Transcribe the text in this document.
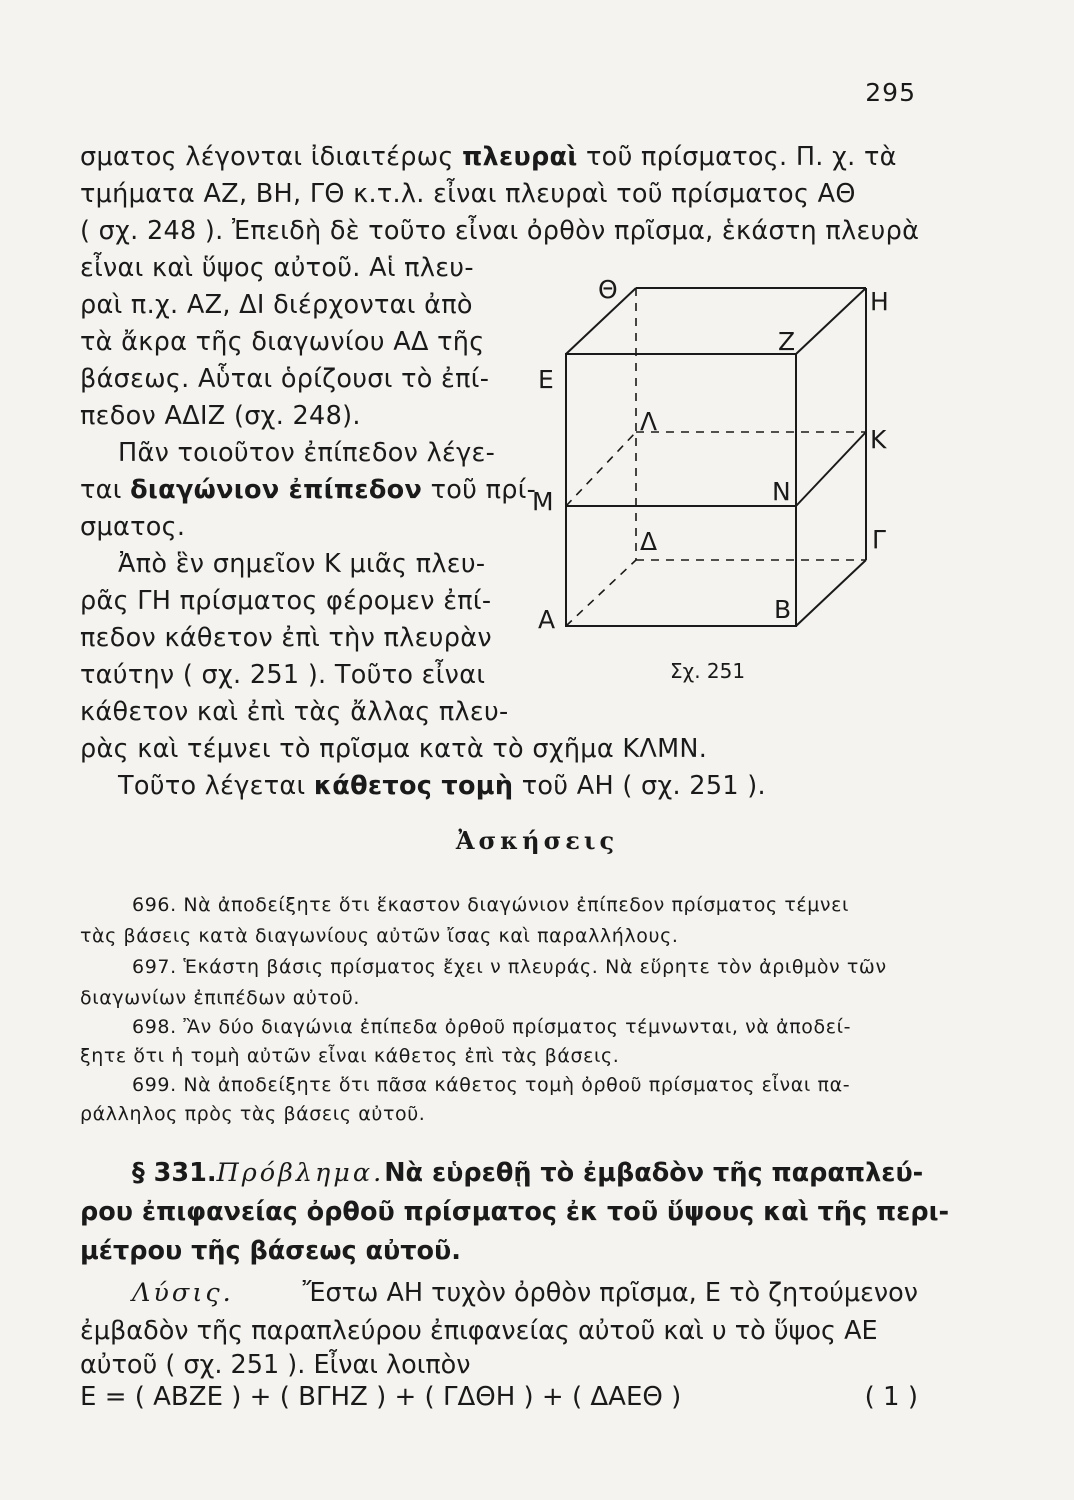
295
σματος λέγονται ἰδιαιτέρως πλευραὶ τοῦ πρίσματος. Π. χ. τὰ
τμήματα ΑΖ, ΒΗ, ΓΘ κ.τ.λ. εἶναι πλευραὶ τοῦ πρίσματος ΑΘ
( σχ. 248 ). Ἐπειδὴ δὲ τοῦτο εἶναι ὀρθὸν πρῖσμα, ἑκάστη πλευρὰ
εἶναι καὶ ὕψος αὐτοῦ. Αἱ πλευ-
ραὶ π.χ. ΑΖ, ΔΙ διέρχονται ἀπὸ
τὰ ἄκρα τῆς διαγωνίου ΑΔ τῆς
βάσεως. Αὗται ὁρίζουσι τὸ ἐπί-
πεδον ΑΔΙΖ (σχ. 248).
Πᾶν τοιοῦτον ἐπίπεδον λέγε-
ται διαγώνιον ἐπίπεδον τοῦ πρί-
σματος.
Ἀπὸ ἓν σημεῖον Κ μιᾶς πλευ-
ρᾶς ΓΗ πρίσματος φέρομεν ἐπί-
πεδον κάθετον ἐπὶ τὴν πλευρὰν
ταύτην ( σχ. 251 ). Τοῦτο εἶναι
κάθετον καὶ ἐπὶ τὰς ἄλλας πλευ-
ρὰς καὶ τέμνει τὸ πρῖσμα κατὰ τὸ σχῆμα ΚΛΜΝ.
Τοῦτο λέγεται κάθετος τομὴ τοῦ ΑΗ ( σχ. 251 ).
Θ	Η
Ζ
Ε
Λ
Κ
Μ	Ν
Δ	Γ
Α	Β
Σχ. 251
Ἀσκήσεις
696. Νὰ ἀποδείξητε ὅτι ἕκαστον διαγώνιον ἐπίπεδον πρίσματος τέμνει
τὰς βάσεις κατὰ διαγωνίους αὐτῶν ἴσας καὶ παραλλήλους.
697. Ἑκάστη βάσις πρίσματος ἔχει ν πλευράς. Νὰ εὕρητε τὸν ἀριθμὸν τῶν
διαγωνίων ἐπιπέδων αὐτοῦ.
698. Ἂν δύο διαγώνια ἐπίπεδα ὀρθοῦ πρίσματος τέμνωνται, νὰ ἀποδεί-
ξητε ὅτι ἡ τομὴ αὐτῶν εἶναι κάθετος ἐπὶ τὰς βάσεις.
699. Νὰ ἀποδείξητε ὅτι πᾶσα κάθετος τομὴ ὀρθοῦ πρίσματος εἶναι πα-
ράλληλος πρὸς τὰς βάσεις αὐτοῦ.
§ 331. Πρόβλημα. Νὰ εὑρεθῇ τὸ ἐμβαδὸν τῆς παραπλεύ-
ρου ἐπιφανείας ὀρθοῦ πρίσματος ἐκ τοῦ ὕψους καὶ τῆς περι-
μέτρου τῆς βάσεως αὐτοῦ.
Λύσις.	Ἔστω ΑΗ τυχὸν ὀρθὸν πρῖσμα, Ε τὸ ζητούμενον
ἐμβαδὸν τῆς παραπλεύρου ἐπιφανείας αὐτοῦ καὶ υ τὸ ὕψος ΑΕ
αὐτοῦ ( σχ. 251 ). Εἶναι λοιπὸν
Ε = ( ΑΒΖΕ ) + ( ΒΓΗΖ ) + ( ΓΔΘΗ ) + ( ΔΑΕΘ )	( 1 )
